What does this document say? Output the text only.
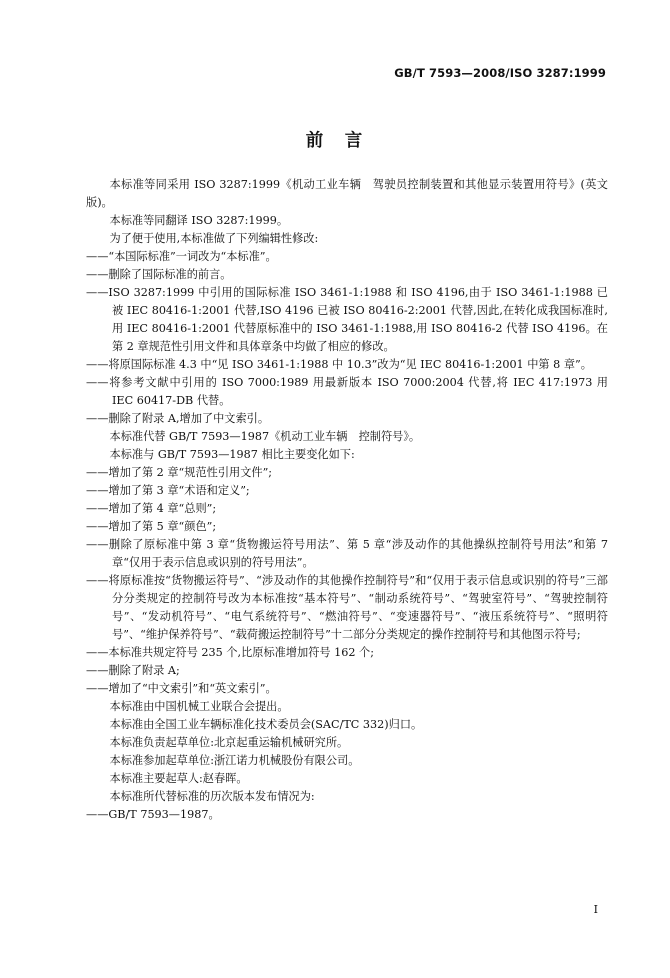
GB/T 7593—2008/ISO 3287:1999
前　言

本标准等同采用 ISO 3287:1999《机动工业车辆　驾驶员控制装置和其他显示装置用符号》(英文版)。

本标准等同翻译 ISO 3287:1999。

为了便于使用,本标准做了下列编辑性修改:

——“本国际标准”一词改为“本标准”。

——删除了国际标准的前言。

——ISO 3287:1999 中引用的国际标准 ISO 3461-1:1988 和 ISO 4196,由于 ISO 3461-1:1988 已被 IEC 80416-1:2001 代替,ISO 4196 已被 ISO 80416-2:2001 代替,因此,在转化成我国标准时,用 IEC 80416-1:2001 代替原标准中的 ISO 3461-1:1988,用 ISO 80416-2 代替 ISO 4196。在第 2 章规范性引用文件和具体章条中均做了相应的修改。

——将原国际标准 4.3 中“见 ISO 3461-1:1988 中 10.3”改为“见 IEC 80416-1:2001 中第 8 章”。

——将参考文献中引用的 ISO 7000:1989 用最新版本 ISO 7000:2004 代替,将 IEC 417:1973 用 IEC 60417-DB 代替。

——删除了附录 A,增加了中文索引。

本标准代替 GB/T 7593—1987《机动工业车辆　控制符号》。

本标准与 GB/T 7593—1987 相比主要变化如下:

——增加了第 2 章“规范性引用文件”;

——增加了第 3 章“术语和定义”;

——增加了第 4 章“总则”;

——增加了第 5 章“颜色”;

——删除了原标准中第 3 章“货物搬运符号用法”、第 5 章“涉及动作的其他操纵控制符号用法”和第 7 章“仅用于表示信息或识别的符号用法”。

——将原标准按“货物搬运符号”、“涉及动作的其他操作控制符号”和“仅用于表示信息或识别的符号”三部分分类规定的控制符号改为本标准按“基本符号”、“制动系统符号”、“驾驶室符号”、“驾驶控制符号”、“发动机符号”、“电气系统符号”、“燃油符号”、“变速器符号”、“液压系统符号”、“照明符号”、“维护保养符号”、“载荷搬运控制符号”十二部分分类规定的操作控制符号和其他图示符号;

——本标准共规定符号 235 个,比原标准增加符号 162 个;

——删除了附录 A;

——增加了“中文索引”和“英文索引”。

本标准由中国机械工业联合会提出。

本标准由全国工业车辆标准化技术委员会(SAC/TC 332)归口。

本标准负责起草单位:北京起重运输机械研究所。

本标准参加起草单位:浙江诺力机械股份有限公司。

本标准主要起草人:赵春晖。

本标准所代替标准的历次版本发布情况为:

——GB/T 7593—1987。

I
